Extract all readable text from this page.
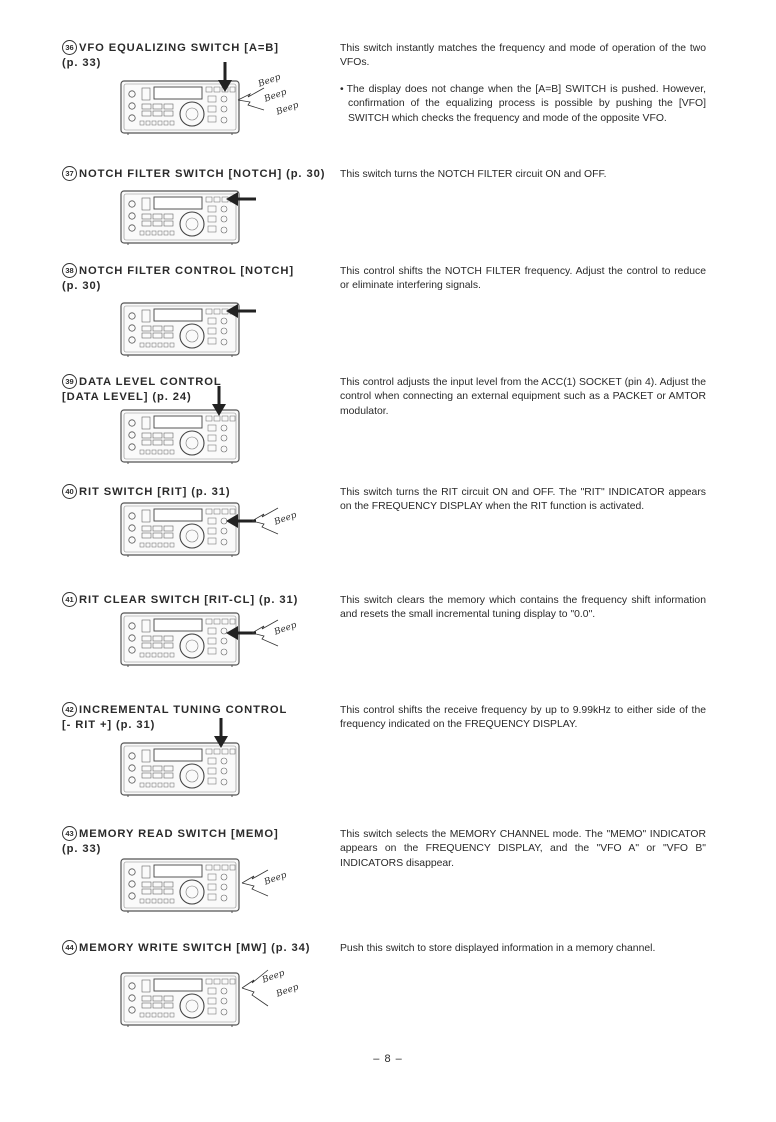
36 VFO EQUALIZING SWITCH [A=B]
(p. 33)

This switch instantly matches the frequency and mode of operation of the two VFOs.

• The display does not change when the [A=B] SWITCH is pushed. However, confirmation of the equalizing process is possible by pushing the [VFO] SWITCH which checks the frequency and mode of the opposite VFO.

Beep
Beep
Beep
37 NOTCH FILTER SWITCH [NOTCH] (p. 30)	This switch turns the NOTCH FILTER circuit ON and OFF.

38 NOTCH FILTER CONTROL [NOTCH]
(p. 30)

This control shifts the NOTCH FILTER frequency. Adjust the control to reduce or eliminate interfering signals.

39 DATA LEVEL CONTROL
[DATA LEVEL] (p. 24)

This control adjusts the input level from the ACC(1) SOCKET (pin 4). Adjust the control when connecting an external equipment such as a PACKET or AMTOR modulator.

40 RIT SWITCH [RIT] (p. 31)	This switch turns the RIT circuit ON and OFF. The "RIT" INDICATOR appears on the FREQUENCY DISPLAY when the RIT function is activated.

Beep
41 RIT CLEAR SWITCH [RIT-CL] (p. 31)	This switch clears the memory which contains the frequency shift information and resets the small incremental tuning display to "0.0".

Beep
42 INCREMENTAL TUNING CONTROL
[- RIT +] (p. 31)

This control shifts the receive frequency by up to 9.99kHz to either side of the frequency indicated on the FREQUENCY DISPLAY.

43 MEMORY READ SWITCH [MEMO]
(p. 33)

This switch selects the MEMORY CHANNEL mode. The "MEMO" INDICATOR appears on the FREQUENCY DISPLAY, and the "VFO A" or "VFO B" INDICATORS disappear.

Beep
44 MEMORY WRITE SWITCH [MW] (p. 34)	Push this switch to store displayed information in a memory channel.

Beep
Beep
– 8 –
